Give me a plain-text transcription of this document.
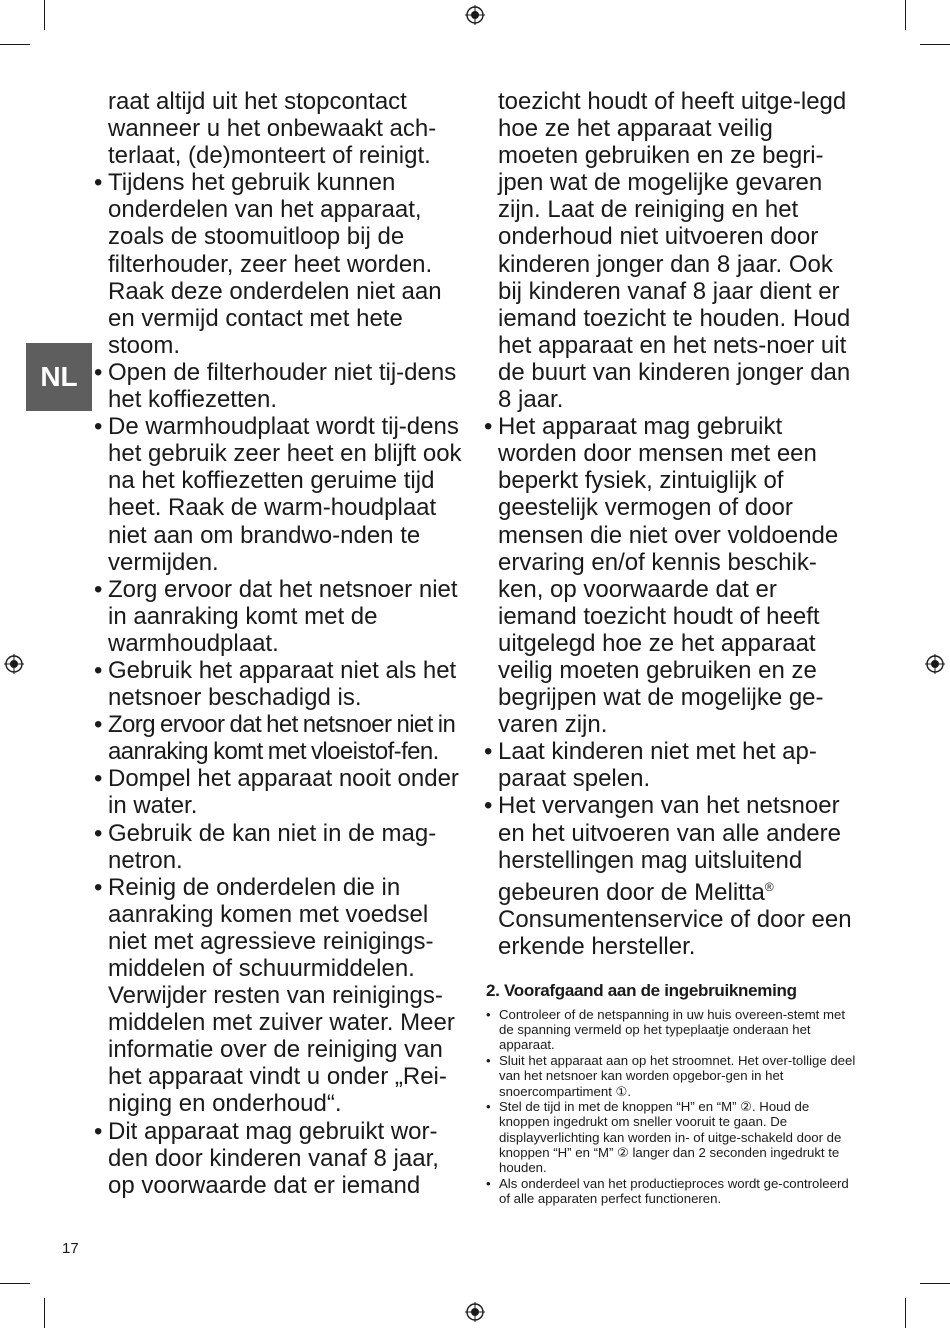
NL

raat altijd uit het stopcontact wanneer u het onbewaakt ach-terlaat, (de)monteert of reinigt.

• Tijdens het gebruik kunnen onderdelen van het apparaat, zoals de stoomuitloop bij de filterhouder, zeer heet worden. Raak deze onderdelen niet aan en vermijd contact met hete stoom.
• Open de filterhouder niet tij-dens het koffiezetten.
• De warmhoudplaat wordt tij-dens het gebruik zeer heet en blijft ook na het koffiezetten geruime tijd heet. Raak de warm-houdplaat niet aan om brandwo-nden te vermijden.
• Zorg ervoor dat het netsnoer niet in aanraking komt met de warmhoudplaat.
• Gebruik het apparaat niet als het netsnoer beschadigd is.
• Zorg ervoor dat het netsnoer niet in aanraking komt met vloeistof-fen.
• Dompel het apparaat nooit onder in water.
• Gebruik de kan niet in de mag-netron.
• Reinig de onderdelen die in aanraking komen met voedsel niet met agressieve reinigings-middelen of schuurmiddelen. Verwijder resten van reinigings-middelen met zuiver water. Meer informatie over de reiniging van het apparaat vindt u onder „Rei-niging en onderhoud“.
• Dit apparaat mag gebruikt wor-den door kinderen vanaf 8 jaar, op voorwaarde dat er iemand

toezicht houdt of heeft uitge-legd hoe ze het apparaat veilig moeten gebruiken en ze begri-jpen wat de mogelijke gevaren zijn. Laat de reiniging en het onderhoud niet uitvoeren door kinderen jonger dan 8 jaar. Ook bij kinderen vanaf 8 jaar dient er iemand toezicht te houden. Houd het apparaat en het nets-noer uit de buurt van kinderen jonger dan 8 jaar.

• Het apparaat mag gebruikt worden door mensen met een beperkt fysiek, zintuiglijk of geestelijk vermogen of door mensen die niet over voldoende ervaring en/of kennis beschik-ken, op voorwaarde dat er iemand toezicht houdt of heeft uitgelegd hoe ze het apparaat veilig moeten gebruiken en ze begrijpen wat de mogelijke ge-varen zijn.
• Laat kinderen niet met het ap-paraat spelen.
• Het vervangen van het netsnoer en het uitvoeren van alle andere herstellingen mag uitsluitend gebeuren door de Melitta® Consumentenservice of door een erkende hersteller.
2. Voorafgaand aan de ingebruikneming
• Controleer of de netspanning in uw huis overeen-stemt met de spanning vermeld op het typeplaatje onderaan het apparaat.
• Sluit het apparaat aan op het stroomnet. Het over-tollige deel van het netsnoer kan worden opgebor-gen in het snoercompartiment ①.
• Stel de tijd in met de knoppen “H” en “M” ②. Houd de knoppen ingedrukt om sneller vooruit te gaan. De displayverlichting kan worden in- of uitge-schakeld door de knoppen “H” en “M” ② langer dan 2 seconden ingedrukt te houden.
• Als onderdeel van het productieproces wordt ge-controleerd of alle apparaten perfect functioneren.
17
